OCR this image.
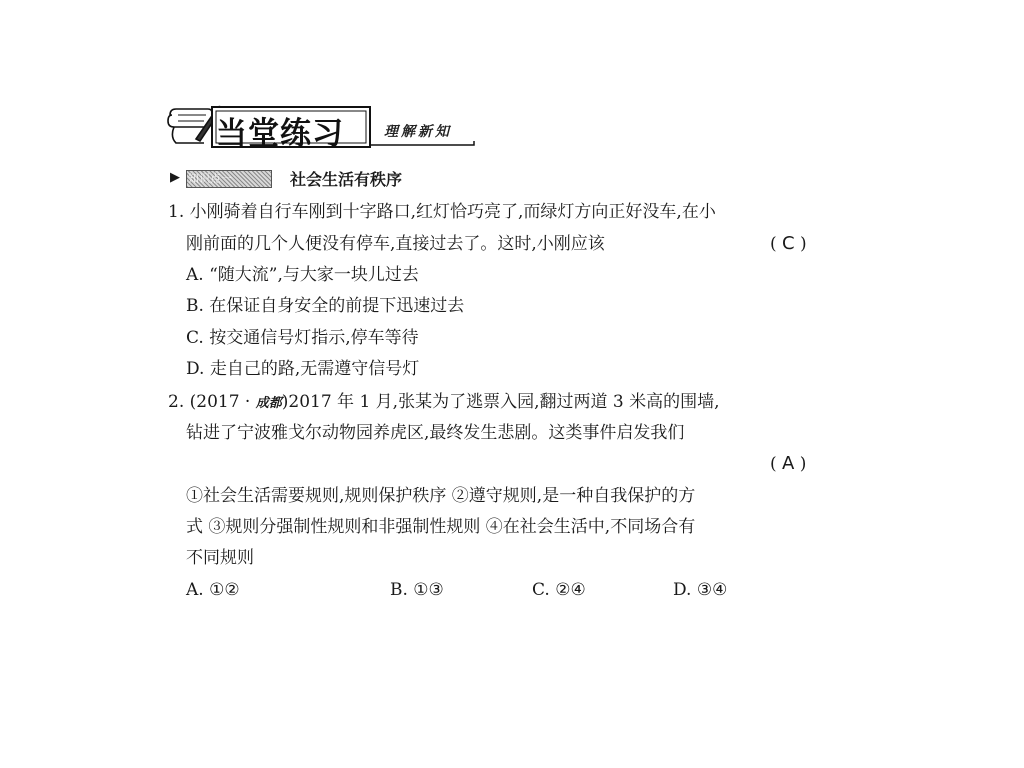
当堂练习	理解新知
▶ 知识点一	社会生活有秩序
1. 小刚骑着自行车刚到十字路口,红灯恰巧亮了,而绿灯方向正好没车,在小
刚前面的几个人便没有停车,直接过去了。这时,小刚应该	( C )
A. “随大流”,与大家一块儿过去
B. 在保证自身安全的前提下迅速过去
C. 按交通信号灯指示,停车等待
D. 走自己的路,无需遵守信号灯
2. (2017 · 成都)2017 年 1 月,张某为了逃票入园,翻过两道 3 米高的围墙,
钻进了宁波雅戈尔动物园养虎区,最终发生悲剧。这类事件启发我们
( A )
①社会生活需要规则,规则保护秩序 ②遵守规则,是一种自我保护的方
式 ③规则分强制性规则和非强制性规则 ④在社会生活中,不同场合有
不同规则
A. ①②	B. ①③	C. ②④	D. ③④
